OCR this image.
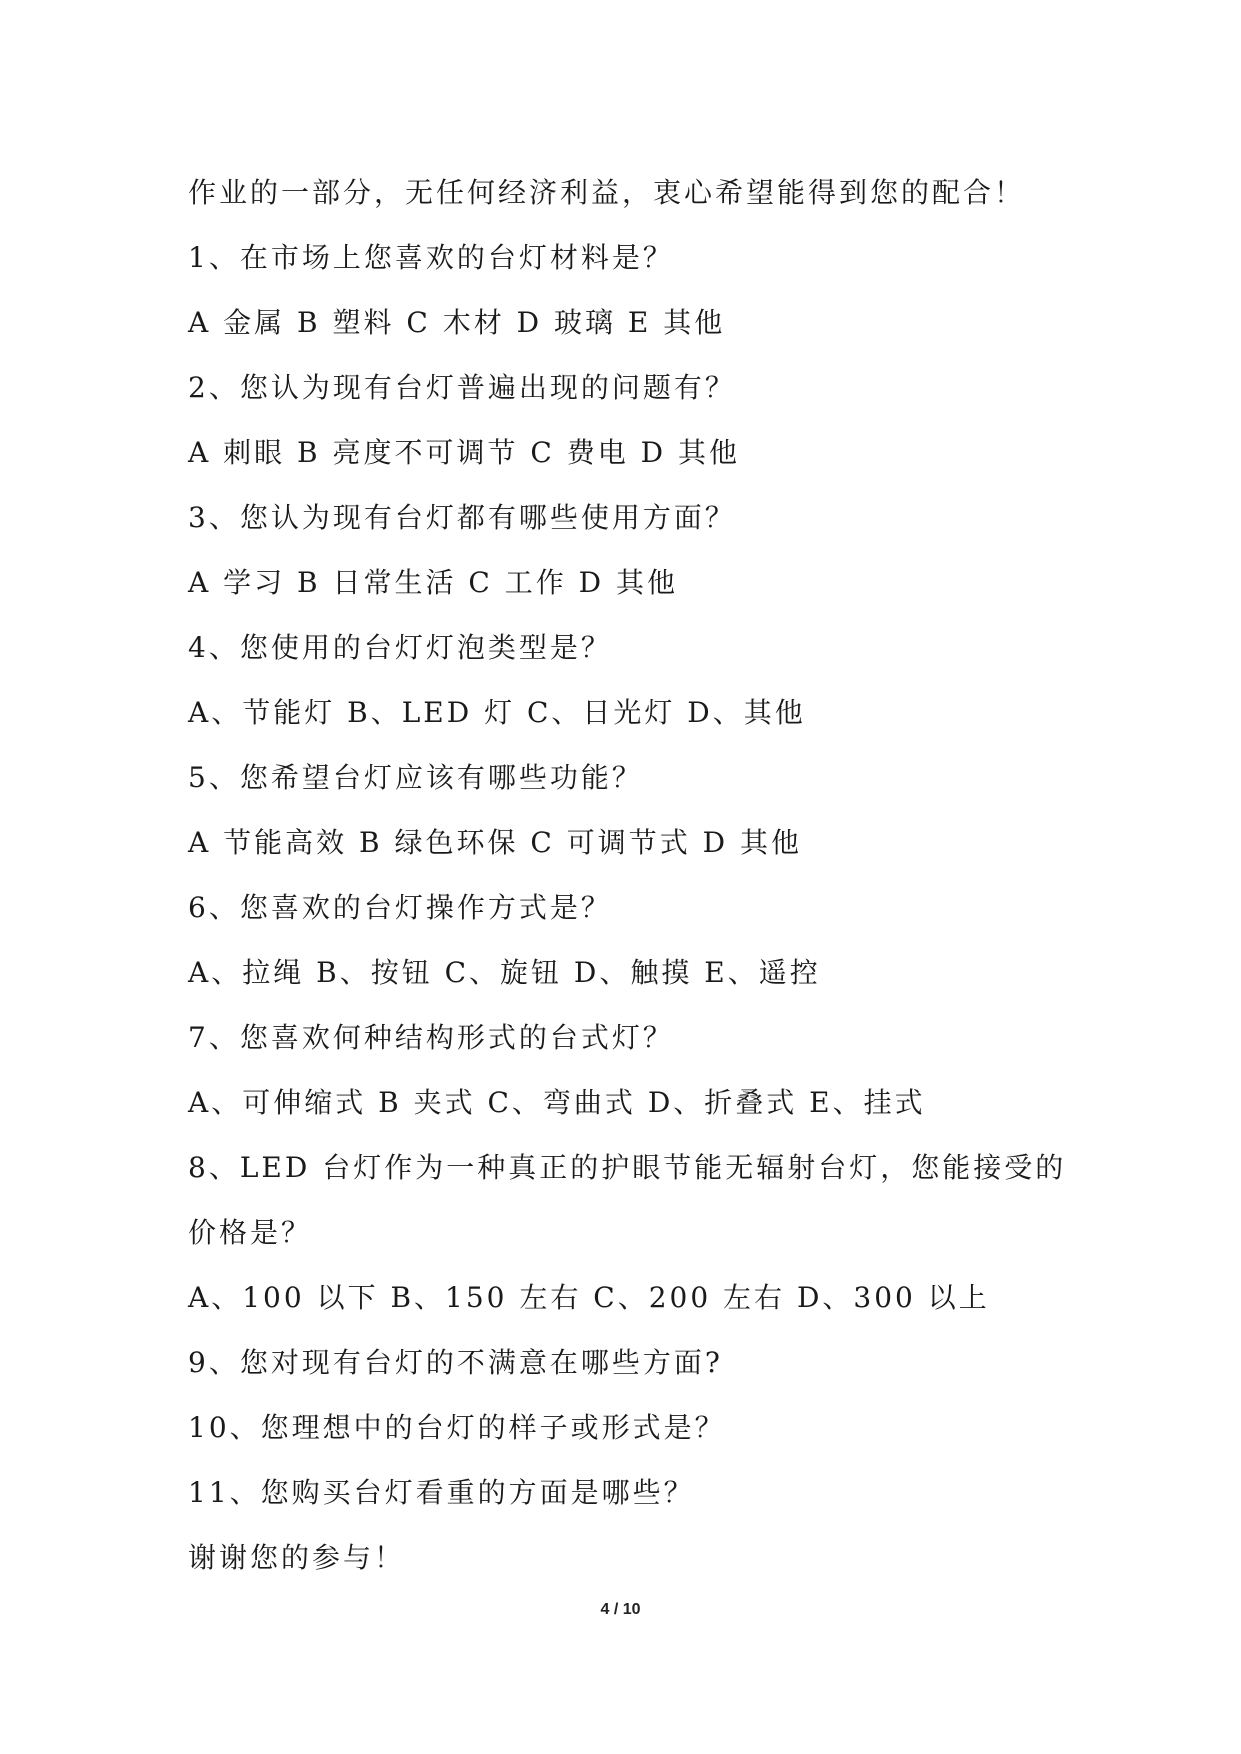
作业的一部分，无任何经济利益，衷心希望能得到您的配合！
1、在市场上您喜欢的台灯材料是？
A 金属 B 塑料 C 木材 D 玻璃 E 其他
2、您认为现有台灯普遍出现的问题有？
A 刺眼 B 亮度不可调节 C 费电 D 其他
3、您认为现有台灯都有哪些使用方面？
A 学习 B 日常生活 C 工作 D 其他
4、您使用的台灯灯泡类型是？
A、节能灯 B、LED 灯 C、日光灯 D、其他
5、您希望台灯应该有哪些功能？
A 节能高效 B 绿色环保 C 可调节式 D 其他
6、您喜欢的台灯操作方式是？
A、拉绳 B、按钮 C、旋钮 D、触摸 E、遥控
7、您喜欢何种结构形式的台式灯？
A、可伸缩式 B 夹式 C、弯曲式 D、折叠式 E、挂式
8、LED 台灯作为一种真正的护眼节能无辐射台灯，您能接受的
价格是？
A、100 以下 B、150 左右 C、200 左右 D、300 以上
9、您对现有台灯的不满意在哪些方面?
10、您理想中的台灯的样子或形式是？
11、您购买台灯看重的方面是哪些？
谢谢您的参与！
4 / 10
